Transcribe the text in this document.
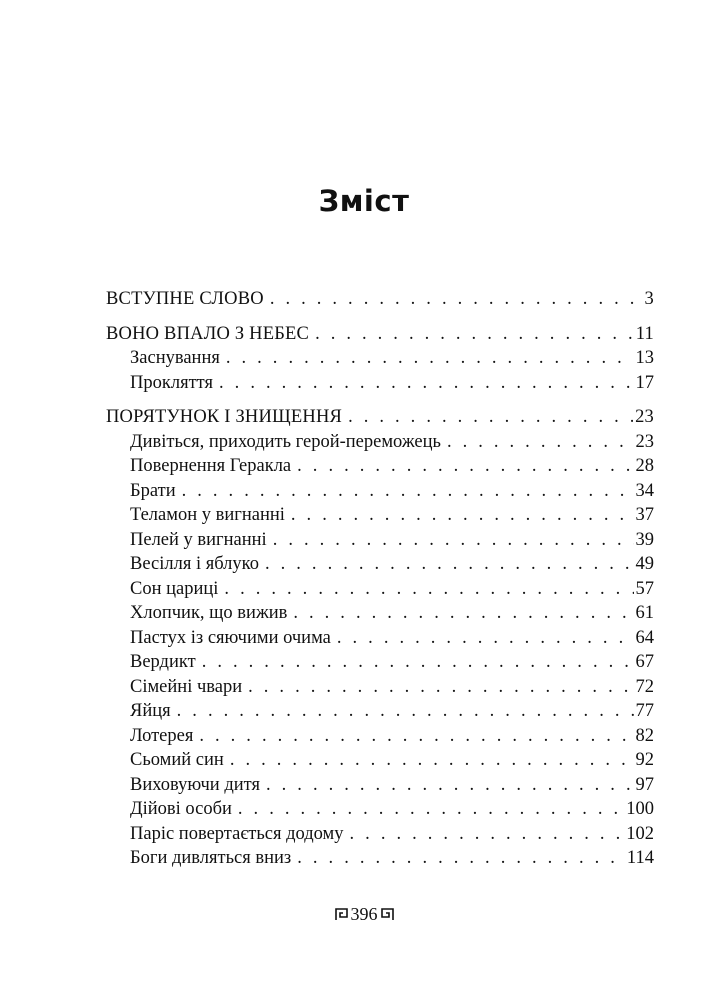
Зміст
ВСТУПНЕ СЛОВО . . .	3
ВОНО ВПАЛО З НЕБЕС . . .	11
Заснування . . .	13
Прокляття . . .	17
ПОРЯТУНОК І ЗНИЩЕННЯ . . .	23
Дивіться, приходить герой-переможець . . .	23
Повернення Геракла . . .	28
Брати . . .	34
Теламон у вигнанні . . .	37
Пелей у вигнанні . . .	39
Весілля і яблуко . . .	49
Сон цариці . . .	57
Хлопчик, що вижив . . .	61
Пастух із сяючими очима . . .	64
Вердикт . . .	67
Сімейні чвари . . .	72
Яйця . . .	77
Лотерея . . .	82
Сьомий син . . .	92
Виховуючи дитя . . .	97
Дійові особи . . .	100
Паріс повертається додому . . .	102
Боги дивляться вниз . . .	114
396
